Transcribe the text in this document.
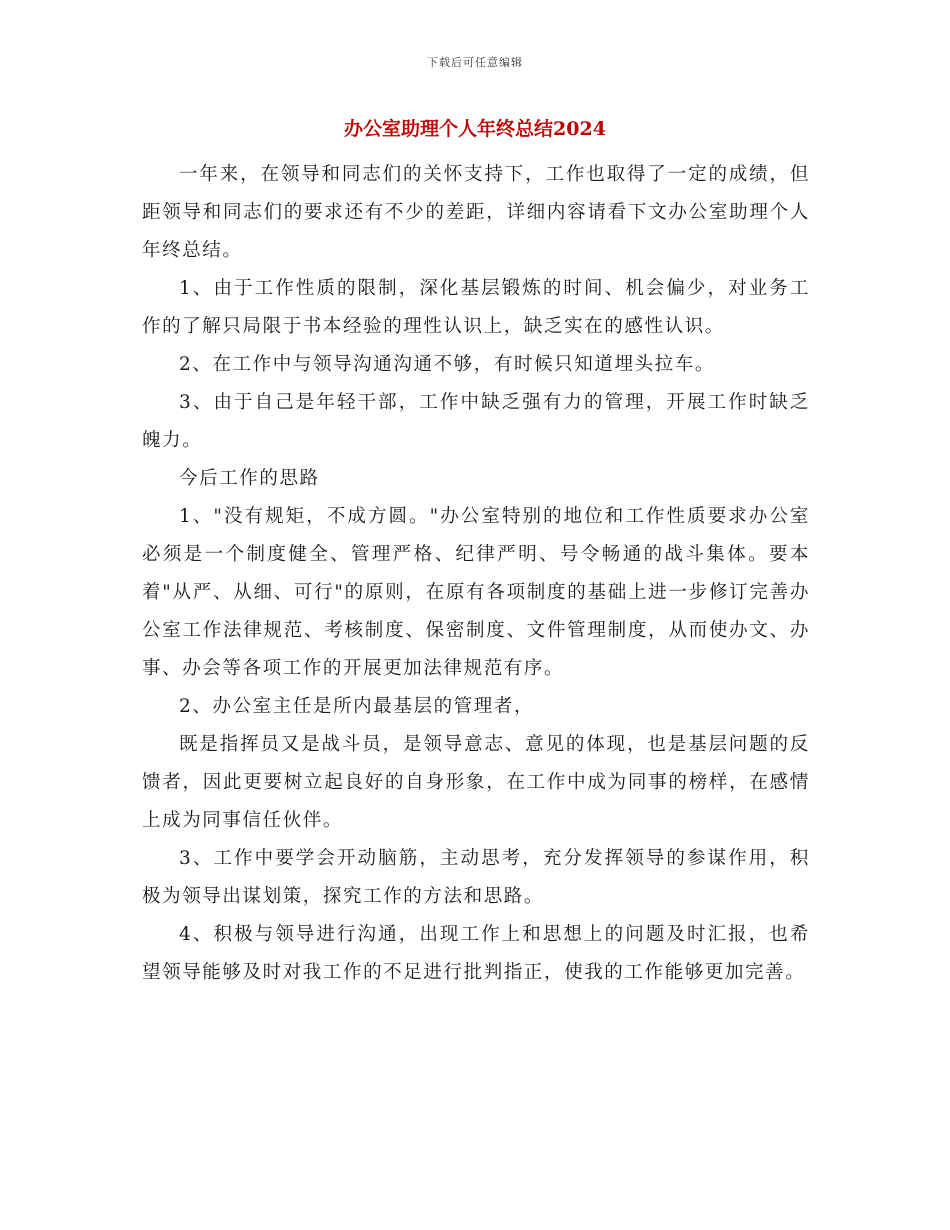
下载后可任意编辑
办公室助理个人年终总结2024

一年来，在领导和同志们的关怀支持下，工作也取得了一定的成绩，但距领导和同志们的要求还有不少的差距，详细内容请看下文办公室助理个人年终总结。

1、由于工作性质的限制，深化基层锻炼的时间、机会偏少，对业务工作的了解只局限于书本经验的理性认识上，缺乏实在的感性认识。

2、在工作中与领导沟通沟通不够，有时候只知道埋头拉车。

3、由于自己是年轻干部，工作中缺乏强有力的管理，开展工作时缺乏魄力。

今后工作的思路

1、"没有规矩，不成方圆。"办公室特别的地位和工作性质要求办公室必须是一个制度健全、管理严格、纪律严明、号令畅通的战斗集体。要本着"从严、从细、可行"的原则，在原有各项制度的基础上进一步修订完善办公室工作法律规范、考核制度、保密制度、文件管理制度，从而使办文、办事、办会等各项工作的开展更加法律规范有序。

2、办公室主任是所内最基层的管理者，

既是指挥员又是战斗员，是领导意志、意见的体现，也是基层问题的反馈者，因此更要树立起良好的自身形象，在工作中成为同事的榜样，在感情上成为同事信任伙伴。

3、工作中要学会开动脑筋，主动思考，充分发挥领导的参谋作用，积极为领导出谋划策，探究工作的方法和思路。

4、积极与领导进行沟通，出现工作上和思想上的问题及时汇报，也希望领导能够及时对我工作的不足进行批判指正，使我的工作能够更加完善。
